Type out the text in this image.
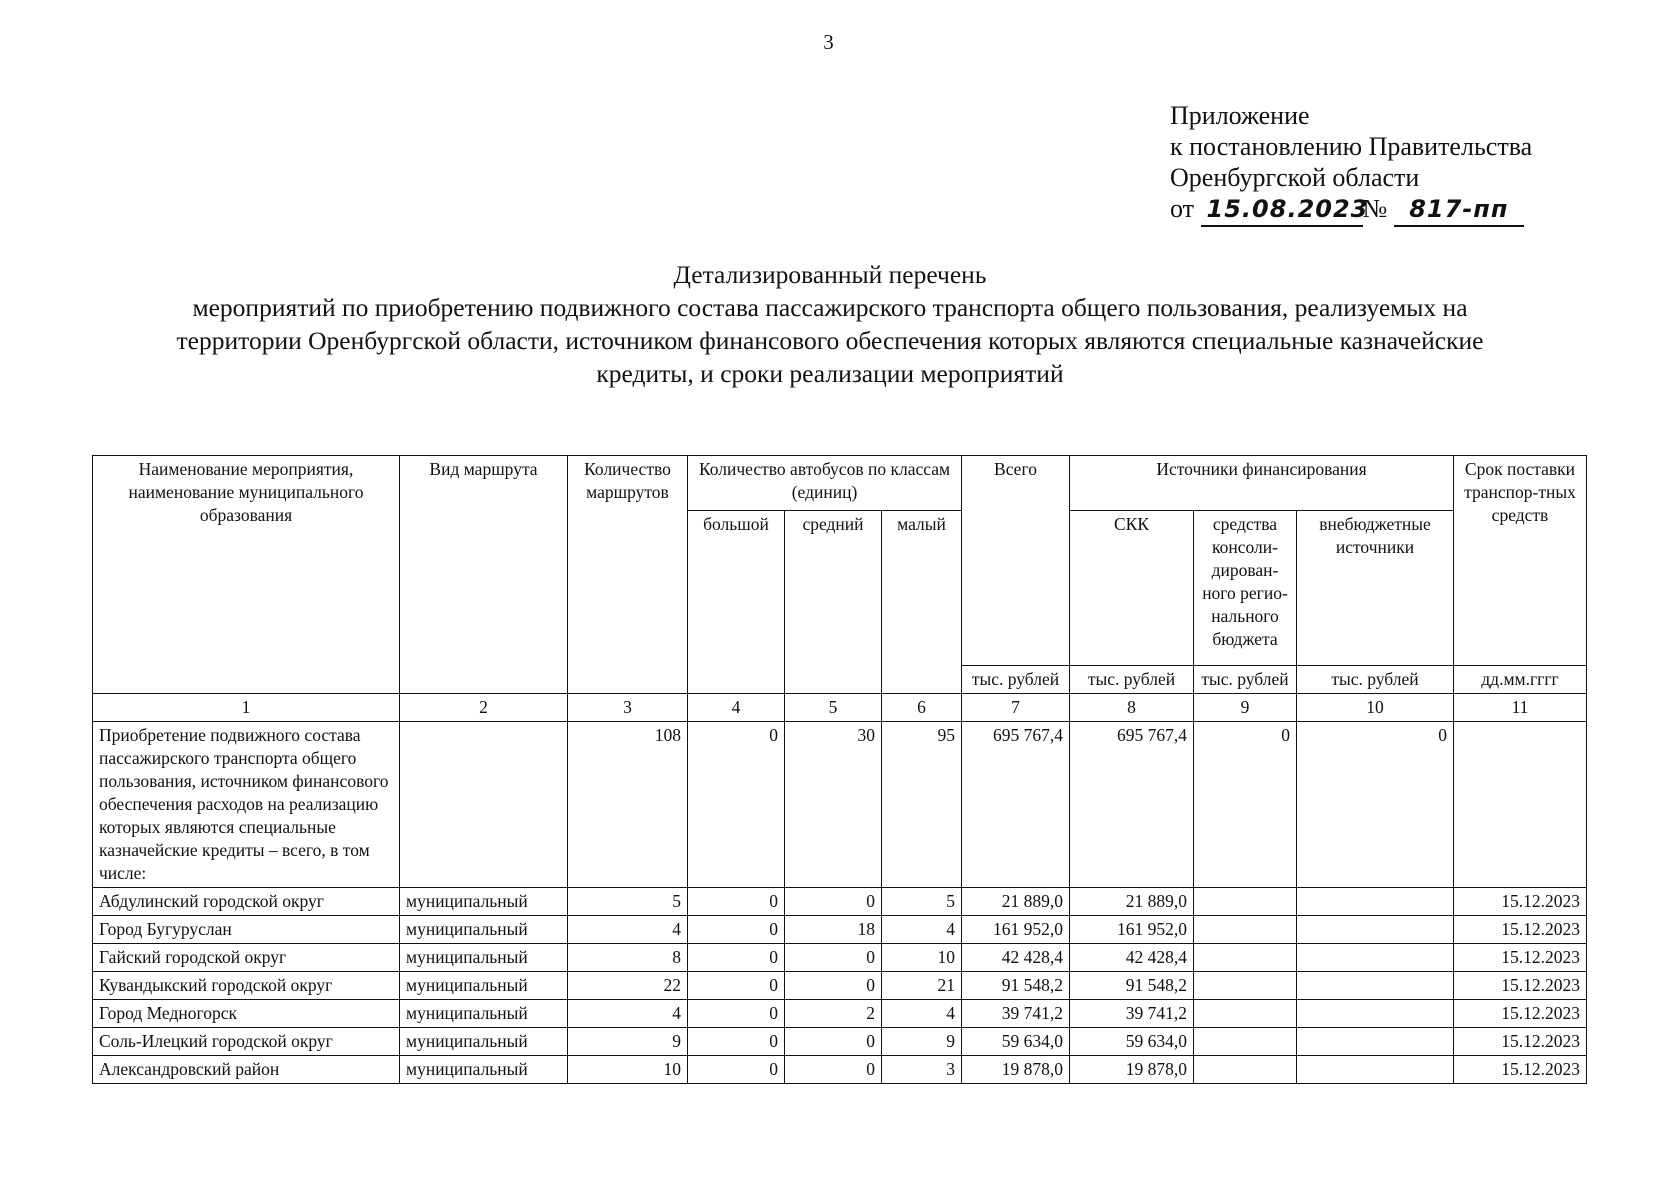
3
Приложение
к постановлению Правительства
Оренбургской области
от 15.08.2023№ 817-пп
Детализированный перечень
мероприятий по приобретению подвижного состава пассажирского транспорта общего пользования, реализуемых на
территории Оренбургской области, источником финансового обеспечения которых являются специальные казначейские
кредиты, и сроки реализации мероприятий
Наименование мероприятия, наименование муниципального образования	Вид маршрута	Количество маршрутов	Количество автобусов по классам (единиц)			Всего	Источники финансирования			Срок поставки транспор-тных средств
			большой	средний	малый		СКК	средства консоли-дирован-ного регио-нального бюджета	внебюджетные источники	
						тыс. рублей	тыс. рублей	тыс. рублей	тыс. рублей	дд.мм.гггг
1	2	3	4	5	6	7	8	9	10	11
Приобретение подвижного состава пассажирского транспорта общего пользования, источником финансового обеспечения расходов на реализацию которых являются специальные казначейские кредиты – всего, в том числе:		108	0	30	95	695 767,4	695 767,4	0	0	
Абдулинский городской округ	муниципальный	5	0	0	5	21 889,0	21 889,0			15.12.2023
Город Бугуруслан	муниципальный	4	0	18	4	161 952,0	161 952,0			15.12.2023
Гайский городской округ	муниципальный	8	0	0	10	42 428,4	42 428,4			15.12.2023
Кувандыкский городской округ	муниципальный	22	0	0	21	91 548,2	91 548,2			15.12.2023
Город Медногорск	муниципальный	4	0	2	4	39 741,2	39 741,2			15.12.2023
Соль-Илецкий городской округ	муниципальный	9	0	0	9	59 634,0	59 634,0			15.12.2023
Александровский район	муниципальный	10	0	0	3	19 878,0	19 878,0			15.12.2023
